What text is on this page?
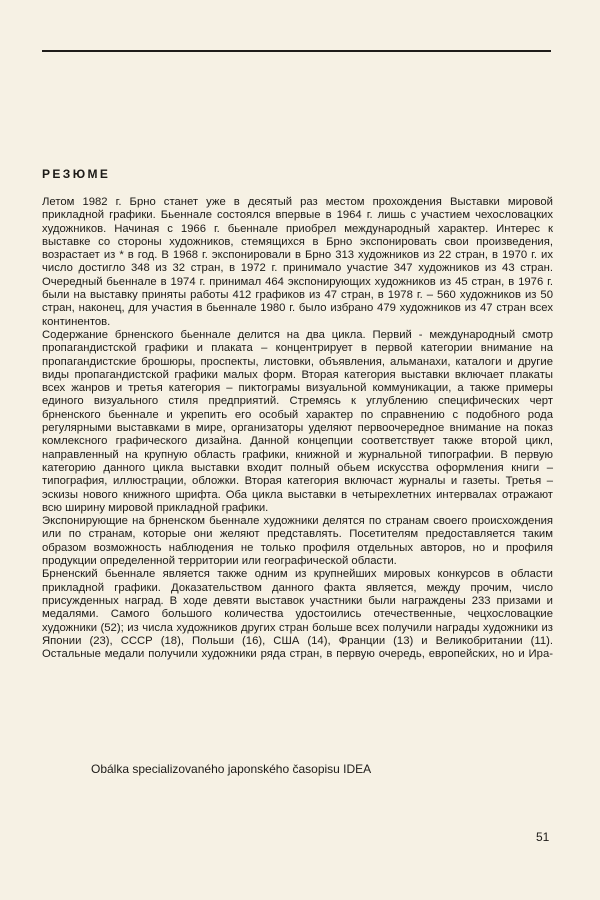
РЕЗЮМЕ

Летом 1982 г. Брно станет уже в десятый раз местом прохождения Выставки мировой прикладной графики. Бьеннале состоялся впервые в 1964 г. лишь с участием чехословацких художников. Начиная с 1966 г. бьеннале приобрел международный характер. Интерес к выставке со стороны художников, стемящихся в Брно экспонировать свои произведения, возрастает из * в год. В 1968 г. экспонировали в Брно 313 художников из 22 стран, в 1970 г. их число достигло 348 из 32 стран, в 1972 г. принимало участие 347 художников из 43 стран. Очередный бьеннале в 1974 г. принимал 464 экспонирующих художников из 45 стран, в 1976 г. были на выставку приняты работы 412 графиков из 47 стран, в 1978 г. – 560 художников из 50 стран, наконец, для участия в бьеннале 1980 г. было избрано 479 художников из 47 стран всех континентов.

Содержание брненского бьеннале делится на два цикла. Первий - международный смотр пропагандистской графики и плаката – концентрирует в первой категории внимание на пропагандистские брошюры, проспекты, листовки, объявления, альманахи, каталоги и другие виды пропагандистской графики малых форм. Вторая категория выставки включает плакаты всех жанров и третья категория – пиктограмы визуальной коммуникации, а также примеры единого визуального стиля предприятий. Стремясь к углублению специфических черт брненского бьеннале и укрепить его особый характер по справнению с подобного рода регулярными выставками в мире, организаторы уделяют первоочередное внимание на показ комлексного графического дизайна. Данной концепции соответствует также второй цикл, направленный на крупную область графики, книжной и журнальной типографии. В первую категорию данного цикла выставки входит полный обьем искусства оформления книги – типография, иллюстрации, обложки. Вторая категория включаст журналы и газеты. Третья – эскизы нового книжного шрифта. Оба цикла выставки в четырехлетних интервалах отражают всю ширину мировой прикладной графики.

Экспонирующие на брненском бьеннале художники делятся по странам своего происхождения или по странам, которые они желяют представлять. Посетителям предоставляется таким образом возможность наблюдения не только профиля отдельных авторов, но и профиля продукции определенной территории или географической области.

Брненский бьеннале является также одним из крупнейших мировых конкурсов в области прикладной графики. Доказательством данного факта является, между прочим, число присужденных наград. В ходе девяти выставок участники были награждены 233 призами и медалями. Самого большого количества удостоились отечественные, чецхословацкие художники (52); из числа художников других стран больше всех получили награды художники из Японии (23), СССР (18), Польши (16), США (14), Франции (13) и Великобритании (11). Остальные медали получили художники ряда стран, в первую очередь, европейских, но и Ира-

Obálka specializovaného japonského časopisu IDEA

51
